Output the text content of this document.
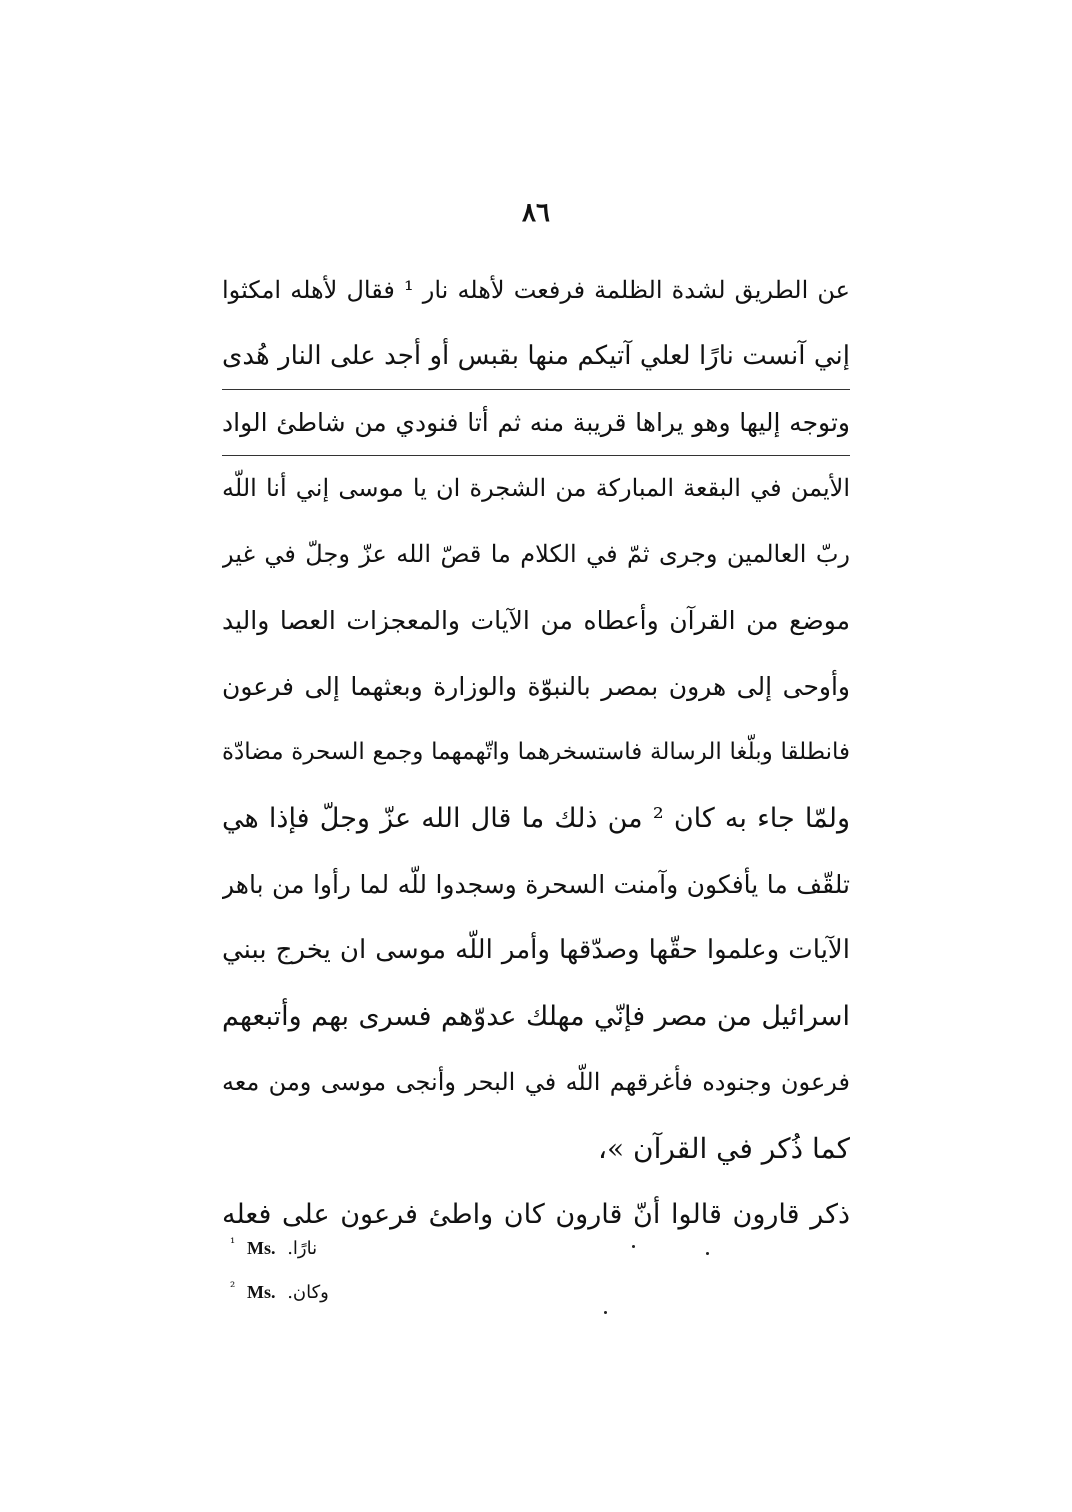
٨٦
عن الطريق لشدة الظلمة فرفعت لأهله نار ¹ فقال لأهله امكثوا
إني آنست نارًا لعلي آتيكم منها بقبس أو أجد على النار هُدى
وتوجه إليها وهو يراها قريبة منه ثم أتا فنودي من شاطئ الواد
الأيمن في البقعة المباركة من الشجرة ان يا موسى إني أنا اللّه
ربّ العالمين وجرى ثمّ في الكلام ما قصّ الله عزّ وجلّ في غير
موضع من القرآن وأعطاه من الآيات والمعجزات العصا واليد
وأوحى إلى هرون بمصر بالنبوّة والوزارة وبعثهما إلى فرعون
فانطلقا وبلّغا الرسالة فاستسخرهما واتّهمهما وجمع السحرة مضادّة
ولمّا جاء به كان ² من ذلك ما قال الله عزّ وجلّ فإذا هي
تلقّف ما يأفكون وآمنت السحرة وسجدوا للّه لما رأوا من باهر
الآيات وعلموا حقّها وصدّقها وأمر اللّه موسى ان يخرج ببني
اسرائيل من مصر فإنّي مهلك عدوّهم فسرى بهم وأتبعهم
فرعون وجنوده فأغرقهم اللّه في البحر وأنجى موسى ومن معه
كما ذُكر في القرآن »،
ذكر قارون قالوا أنّ قارون كان واطئ فرعون على فعله
$^{^1}$ Ms. نارًا.
$^{^2}$ Ms. وكان.
